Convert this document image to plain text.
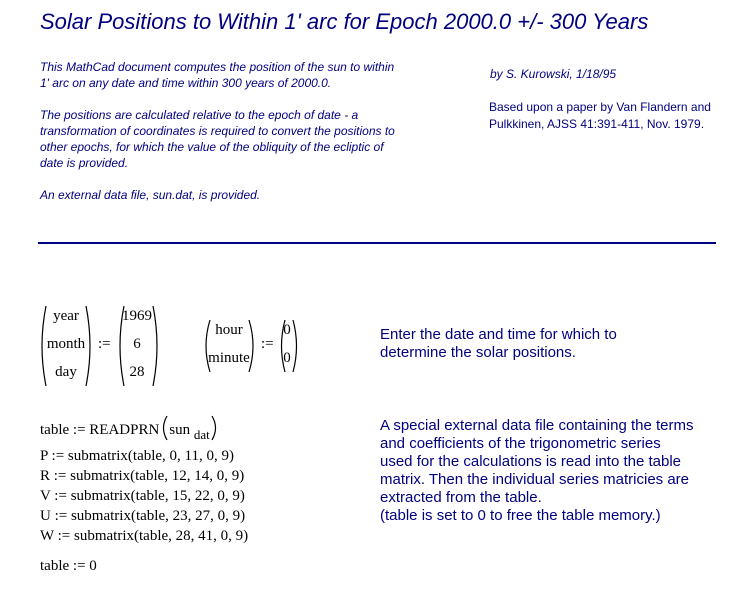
Solar Positions to Within 1' arc for Epoch 2000.0 +/- 300 Years
This MathCad document computes the position of the sun to within
1' arc on any date and time within 300 years of 2000.0.
The positions are calculated relative to the epoch of date - a
transformation of coordinates is required to convert the positions to
other epochs, for which the value of the obliquity of the ecliptic of
date is provided.
An external data file, sun.dat, is provided.
by S. Kurowski, 1/18/95
Based upon a paper by Van Flandern and
Pulkkinen, AJSS 41:391-411, Nov. 1979.
year
month
day
:=
1969
6
28
hour
minute
:=
0
0
Enter the date and time for which to
determine the solar positions.
table := READPRN sun dat
P := submatrix(table, 0, 11, 0, 9)
R := submatrix(table, 12, 14, 0, 9)
V := submatrix(table, 15, 22, 0, 9)
U := submatrix(table, 23, 27, 0, 9)
W := submatrix(table, 28, 41, 0, 9)
table := 0
A special external data file containing the terms
and coefficients of the trigonometric series
used for the calculations is read into the table
matrix. Then the individual series matricies are
extracted from the table.
(table is set to 0 to free the table memory.)
